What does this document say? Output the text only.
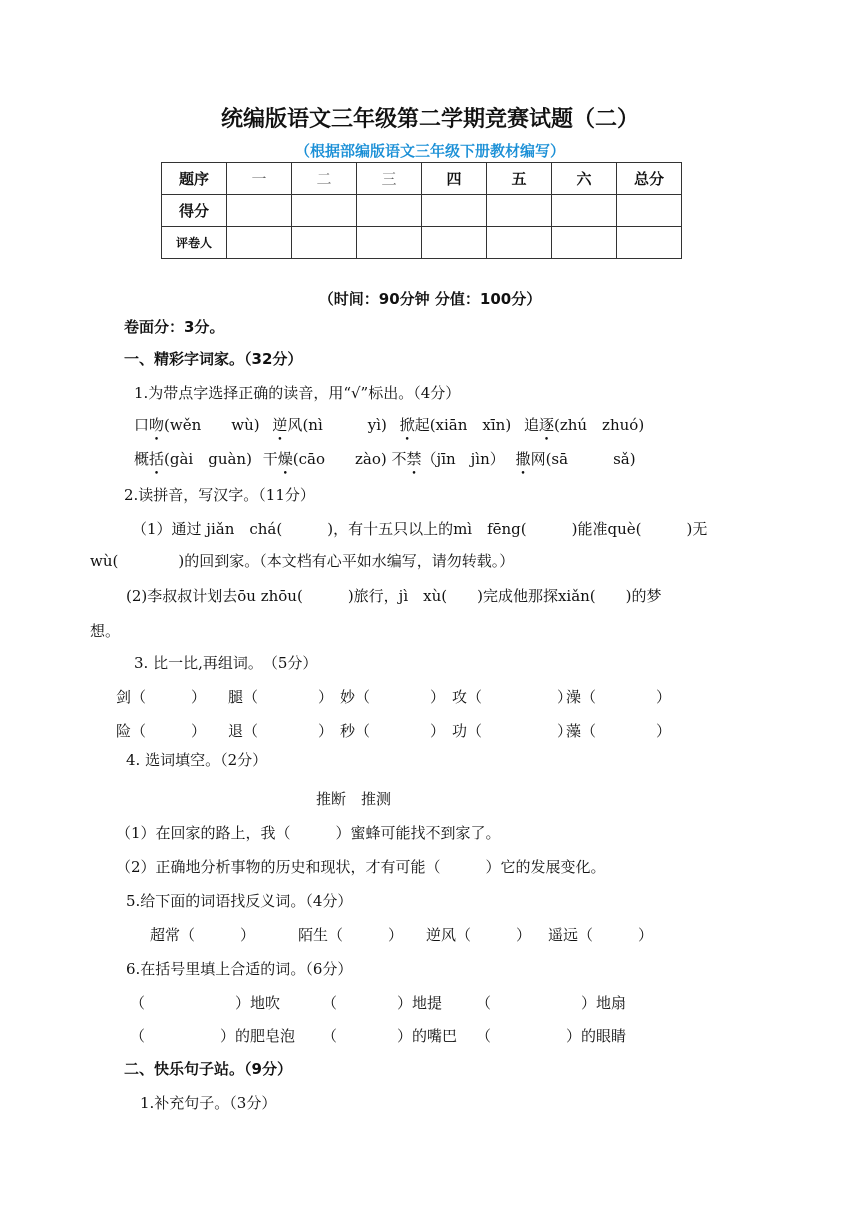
统编版语文三年级第二学期竞赛试题（二）
（根据部编版语文三年级下册教材编写）
题序	一	二	三	四	五	六	总分
得分							
评卷人							
（时间：90分钟 分值：100分）
卷面分：3分。
一、精彩字词家。（32分）
1.为带点字选择正确的读音，用“√”标出。（4分）
口吻(wěn　　wù) 逆风(nì　　　yì) 掀起(xiān　xīn) 追逐(zhú　zhuó)
概括(gài　guàn) 干燥(cāo　　zào) 不禁（jīn　jìn） 撒网(sā　　　sǎ)
2.读拼音，写汉字。（11分）
（1）通过 jiǎn　chá(　　　)，有十五只以上的mì　fēng(　　　)能准què(　　　)无
wù(　　　　)的回到家。（本文档有心平如水编写，请勿转载。）
(2)李叔叔计划去ōu zhōu(　　　)旅行，jì　xù(　　)完成他那探xiǎn(　　)的梦
想。
3. 比一比,再组词。　（5分）
剑（　　　） 腿（　　　　） 妙（　　　　） 攻（　　　　　）澡（　　　　）
险（　　　） 退（　　　　） 秒（　　　　） 功（　　　　　）藻（　　　　）
4. 选词填空。（2分）
推断　推测
（1）在回家的路上，我（　　　）蜜蜂可能找不到家了。
（2）正确地分析事物的历史和现状，才有可能（　　　）它的发展变化。
5.给下面的词语找反义词。（4分）
超常（　　　）	陌生（　　　） 逆风（　　　） 遥远（　　　）
6.在括号里填上合适的词。（6分）
（　　　　　　）地吹	（　　　　）地提 （　　　　　　）地扇
（　　　　　）的肥皂泡 （　　　　）的嘴巴 （　　　　　）的眼睛
二、快乐句子站。（9分）
1.补充句子。（3分）
